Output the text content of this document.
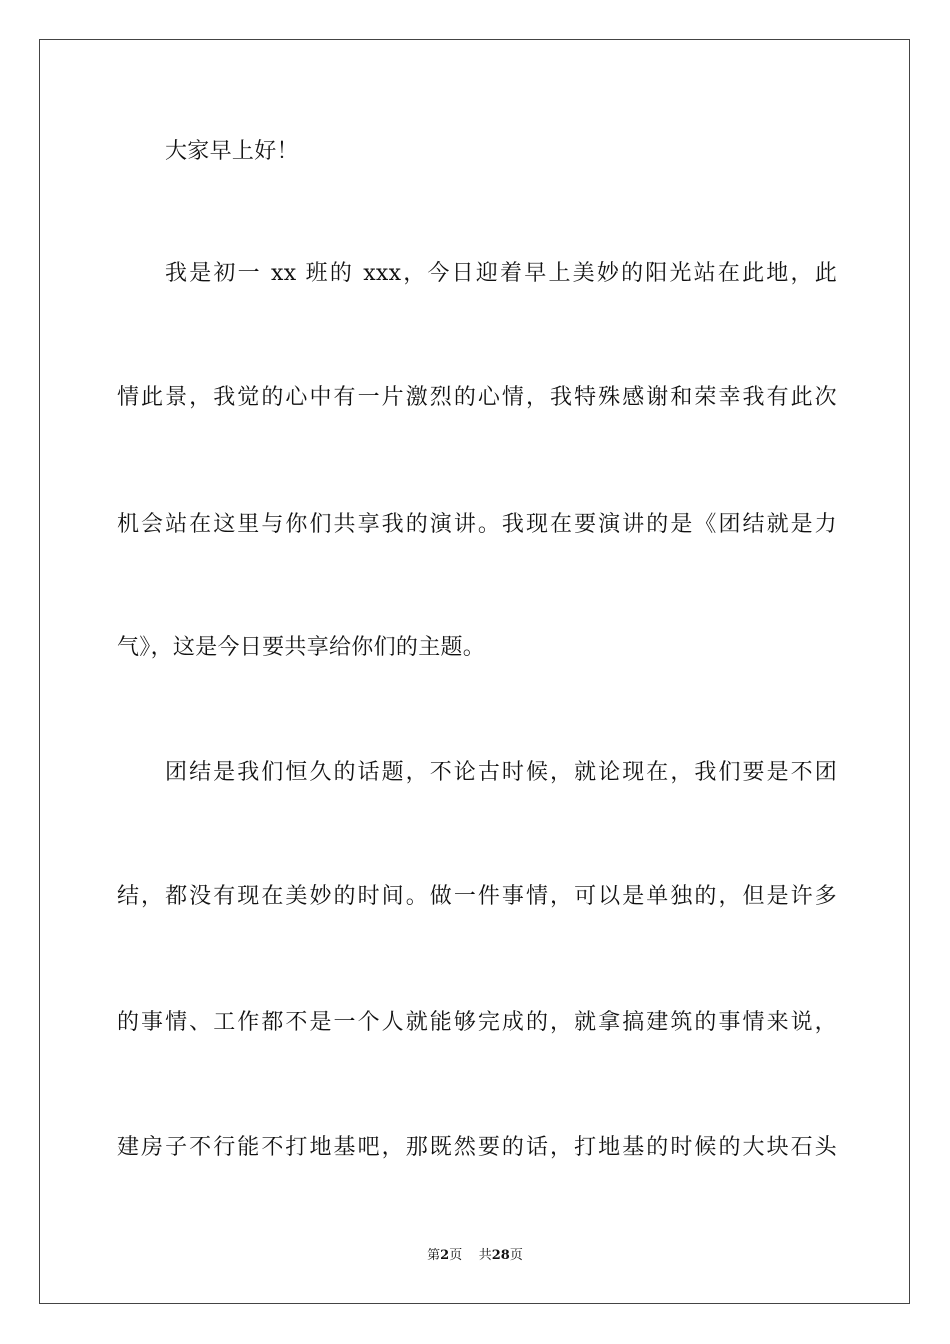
大家早上好！
我是初一 xx 班的 xxx，今日迎着早上美妙的阳光站在此地，此
情此景，我觉的心中有一片激烈的心情，我特殊感谢和荣幸我有此次
机会站在这里与你们共享我的演讲。我现在要演讲的是《团结就是力
气》，这是今日要共享给你们的主题。
团结是我们恒久的话题，不论古时候，就论现在，我们要是不团
结，都没有现在美妙的时间。做一件事情，可以是单独的，但是许多
的事情、工作都不是一个人就能够完成的，就拿搞建筑的事情来说，
建房子不行能不打地基吧，那既然要的话，打地基的时候的大块石头
第2页    共28页
